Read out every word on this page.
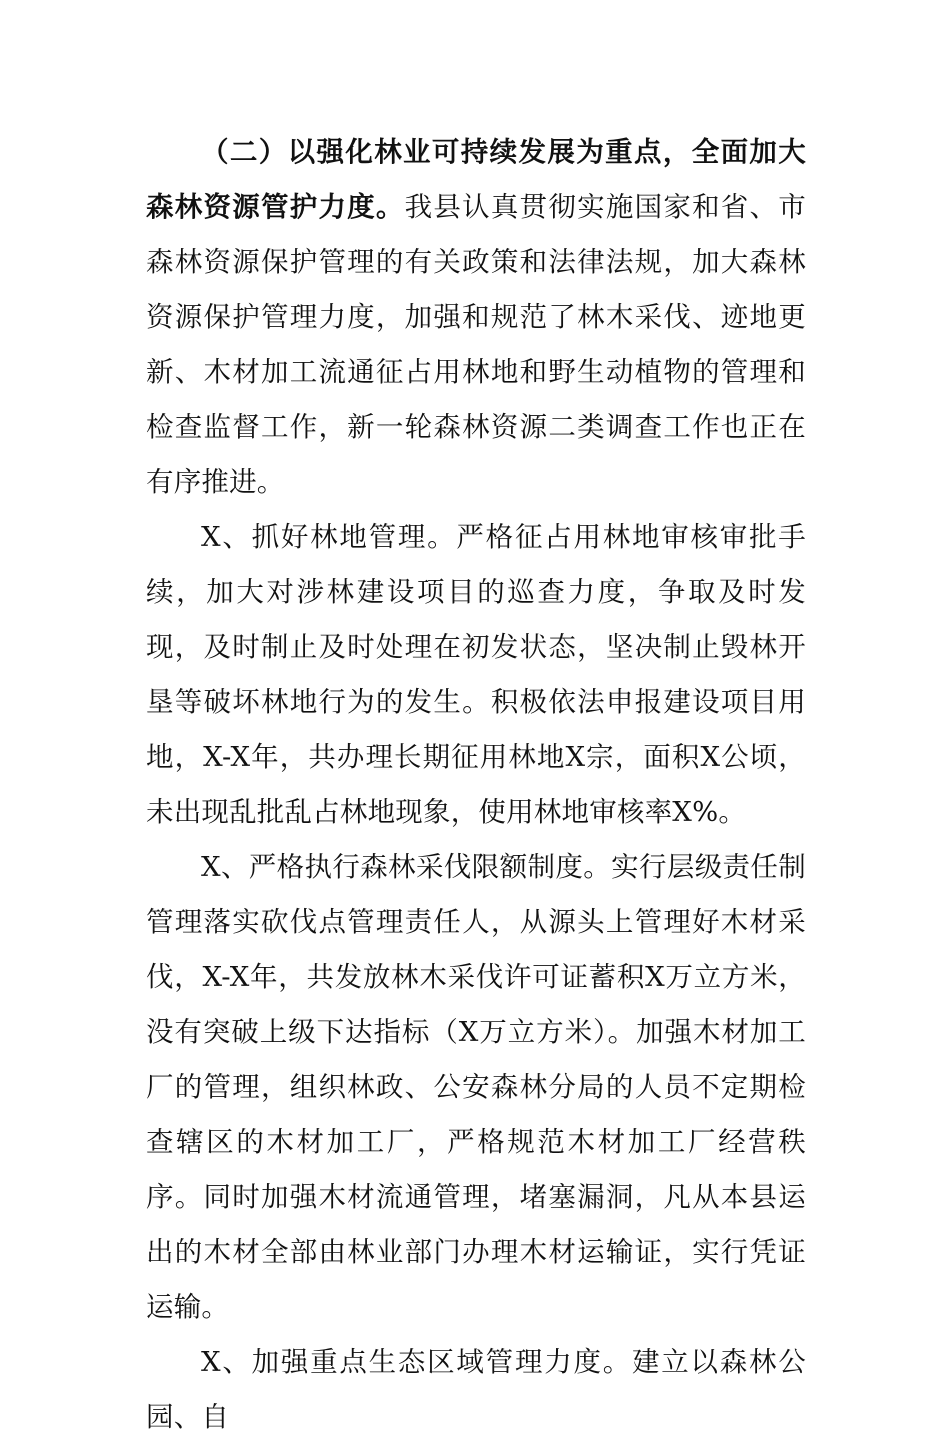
（二）以强化林业可持续发展为重点，全面加大森林资源管护力度。我县认真贯彻实施国家和省、市森林资源保护管理的有关政策和法律法规，加大森林资源保护管理力度，加强和规范了林木采伐、迹地更新、木材加工流通征占用林地和野生动植物的管理和检查监督工作，新一轮森林资源二类调查工作也正在有序推进。

X、抓好林地管理。严格征占用林地审核审批手续，加大对涉林建设项目的巡查力度，争取及时发现，及时制止及时处理在初发状态，坚决制止毁林开垦等破坏林地行为的发生。积极依法申报建设项目用地，X-X年，共办理长期征用林地X宗，面积X公顷，未出现乱批乱占林地现象，使用林地审核率X%。

X、严格执行森林采伐限额制度。实行层级责任制管理落实砍伐点管理责任人，从源头上管理好木材采伐，X-X年，共发放林木采伐许可证蓄积X万立方米，没有突破上级下达指标（X万立方米）。加强木材加工厂的管理，组织林政、公安森林分局的人员不定期检查辖区的木材加工厂，严格规范木材加工厂经营秩序。同时加强木材流通管理，堵塞漏洞，凡从本县运出的木材全部由林业部门办理木材运输证，实行凭证运输。

X、加强重点生态区域管理力度。建立以森林公园、自
